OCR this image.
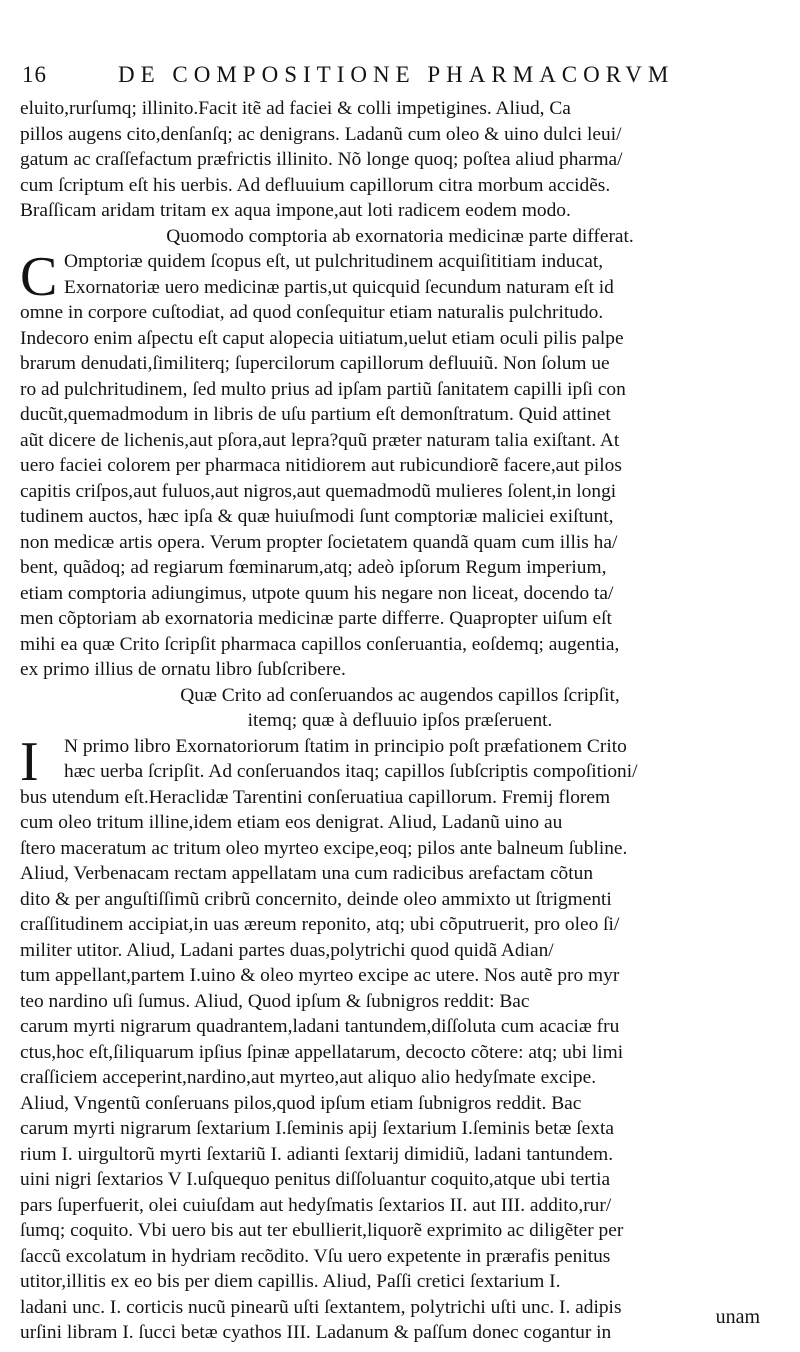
16	DE COMPOSITIONE PHARMACORVM
eluito,rurſumq; illinito.Facit itẽ ad faciei & colli impetigines. Aliud, Ca
pillos augens cito,denſanſq; ac denigrans. Ladanũ cum oleo & uino dulci leui/
gatum ac craſſefactum præfrictis illinito. Nõ longe quoq; poſtea aliud pharma/
cum ſcriptum eſt his uerbis. Ad defluuium capillorum citra morbum accidẽs.
Braſſicam aridam tritam ex aqua impone,aut loti radicem eodem modo.
Quomodo comptoria ab exornatoria medicinæ parte differat.
C Omptoriæ quidem ſcopus eſt, ut pulchritudinem acquiſititiam inducat,
Exornatoriæ uero medicinæ partis,ut quicquid ſecundum naturam eſt id
omne in corpore cuſtodiat, ad quod conſequitur etiam naturalis pulchritudo.
Indecoro enim aſpectu eſt caput alopecia uitiatum,uelut etiam oculi pilis palpe
brarum denudati,ſimiliterq; ſupercilorum capillorum defluuiũ. Non ſolum ue
ro ad pulchritudinem, ſed multo prius ad ipſam partiũ ſanitatem capilli ipſi con
ducũt,quemadmodum in libris de uſu partium eſt demonſtratum. Quid attinet
aũt dicere de lichenis,aut pſora,aut lepra?quũ præter naturam talia exiſtant. At
uero faciei colorem per pharmaca nitidiorem aut rubicundiorẽ facere,aut pilos
capitis criſpos,aut fuluos,aut nigros,aut quemadmodũ mulieres ſolent,in longi
tudinem auctos, hæc ipſa & quæ huiuſmodi ſunt comptoriæ maliciei exiſtunt,
non medicæ artis opera. Verum propter ſocietatem quandã quam cum illis ha/
bent, quãdoq; ad regiarum fœminarum,atq; adeò ipſorum Regum imperium,
etiam comptoria adiungimus, utpote quum his negare non liceat, docendo ta/
men cõptoriam ab exornatoria medicinæ parte differre. Quapropter uiſum eſt
mihi ea quæ Crito ſcripſit pharmaca capillos conſeruantia, eoſdemq; augentia,
ex primo illius de ornatu libro ſubſcribere.
Quæ Crito ad conſeruandos ac augendos capillos ſcripſit,
itemq; quæ à defluuio ipſos præſeruent.
I	N primo libro Exornatoriorum ſtatim in principio poſt præfationem Crito
hæc uerba ſcripſit. Ad conſeruandos itaq; capillos ſubſcriptis compoſitioni/
bus utendum eſt.Heraclidæ Tarentini conſeruatiua capillorum. Fremij florem
cum oleo tritum illine,idem etiam eos denigrat. Aliud, Ladanũ uino au
ſtero maceratum ac tritum oleo myrteo excipe,eoq; pilos ante balneum ſubline.
Aliud, Verbenacam rectam appellatam una cum radicibus arefactam cõtun
dito & per anguſtiſſimũ cribrũ concernito, deinde oleo ammixto ut ſtrigmenti
craſſitudinem accipiat,in uas æreum reponito, atq; ubi cõputruerit, pro oleo ſi/
militer utitor. Aliud, Ladani partes duas,polytrichi quod quidã Adian/
tum appellant,partem I.uino & oleo myrteo excipe ac utere. Nos autẽ pro myr
teo nardino uſi ſumus. Aliud, Quod ipſum & ſubnigros reddit: Bac
carum myrti nigrarum quadrantem,ladani tantundem,diſſoluta cum acaciæ fru
ctus,hoc eſt,ſiliquarum ipſius ſpinæ appellatarum, decocto cõtere: atq; ubi limi
craſſiciem acceperint,nardino,aut myrteo,aut aliquo alio hedyſmate excipe.
Aliud, Vngentũ conſeruans pilos,quod ipſum etiam ſubnigros reddit. Bac
carum myrti nigrarum ſextarium I.ſeminis apij ſextarium I.ſeminis betæ ſexta
rium I. uirgultorũ myrti ſextariũ I. adianti ſextarij dimidiũ, ladani tantundem.
uini nigri ſextarios V I.uſquequo penitus diſſoluantur coquito,atque ubi tertia
pars ſuperfuerit, olei cuiuſdam aut hedyſmatis ſextarios II. aut III. addito,rur/
ſumq; coquito. Vbi uero bis aut ter ebullierit,liquorẽ exprimito ac diligẽter per
ſaccũ excolatum in hydriam recõdito. Vſu uero expetente in prærafis penitus
utitor,illitis ex eo bis per diem capillis. Aliud, Paſſi cretici ſextarium I.
ladani unc. I. corticis nucũ pinearũ uſti ſextantem, polytrichi uſti unc. I. adipis
urſini libram I. ſucci betæ cyathos III. Ladanum & paſſum donec cogantur in
unam
